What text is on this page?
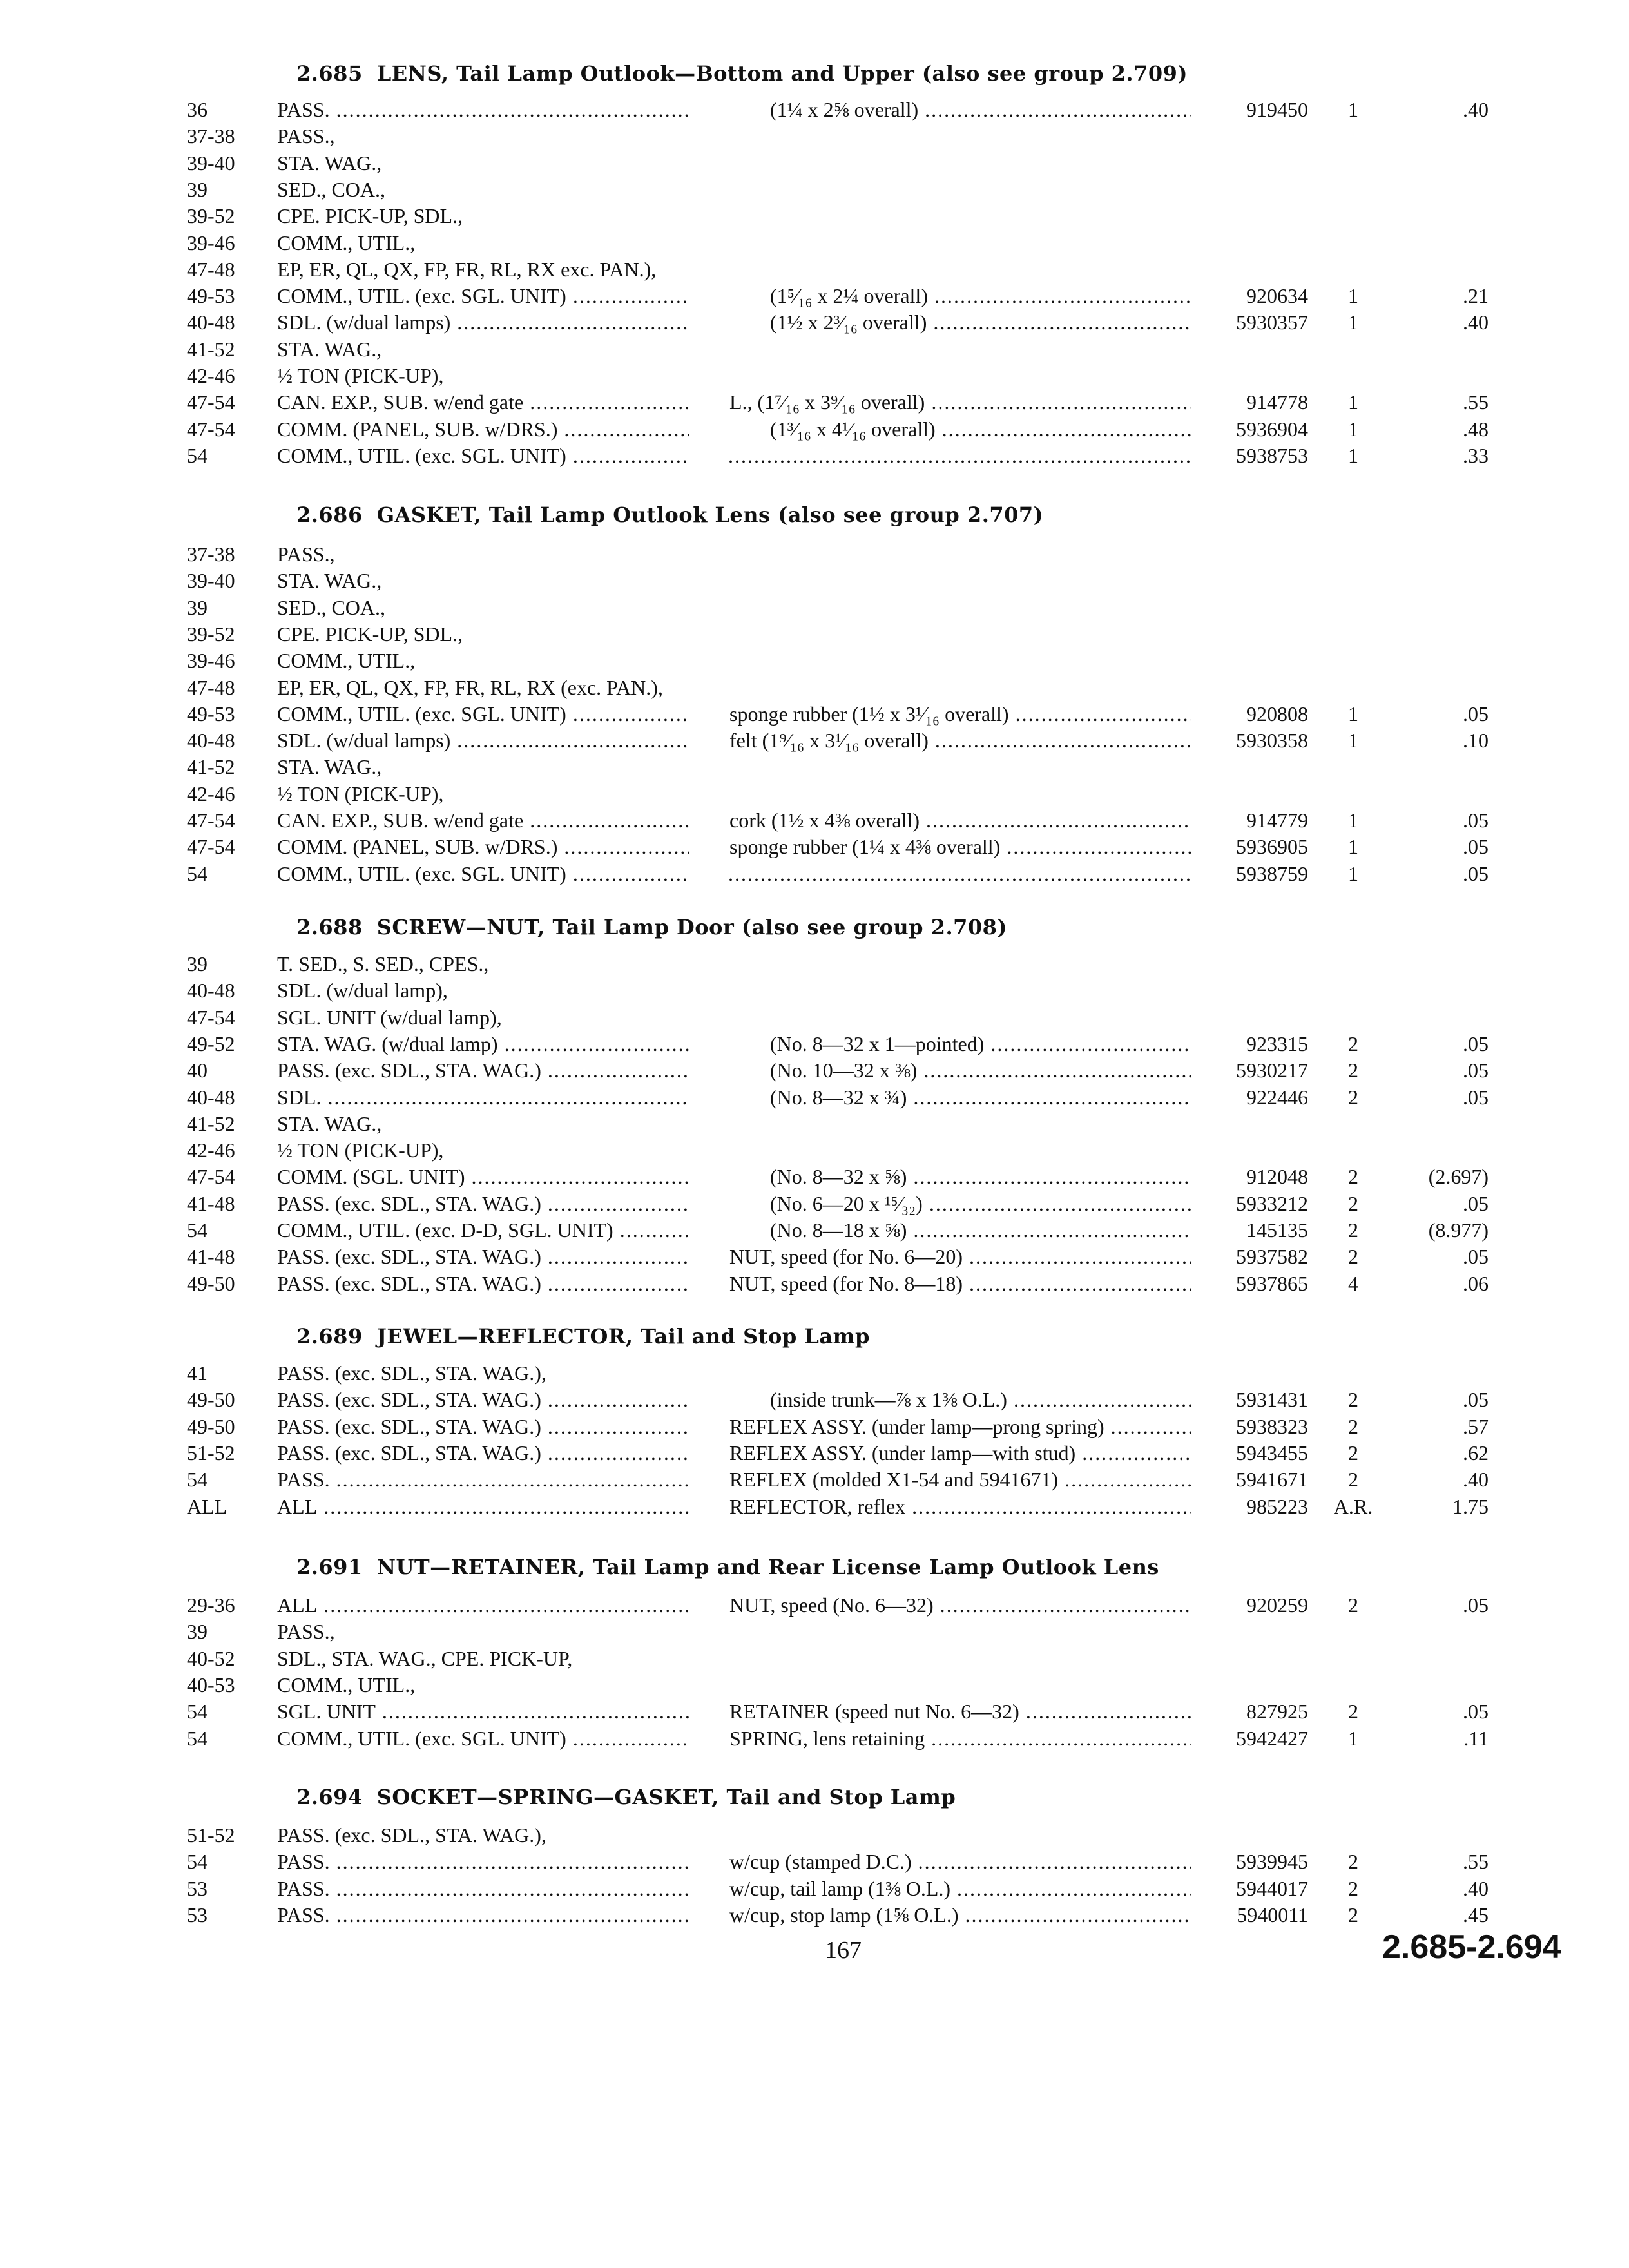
2.685 LENS, Tail Lamp Outlook—Bottom and Upper (also see group 2.709)
36	PASS. .....	(1¼ x 2⅝ overall) .....	919450	1	.40
37-38	PASS.,
39-40	STA. WAG.,
39	SED., COA.,
39-52	CPE. PICK-UP, SDL.,
39-46	COMM., UTIL.,
47-48	EP, ER, QL, QX, FP, FR, RL, RX exc. PAN.),
49-53	COMM., UTIL. (exc. SGL. UNIT) .....	(1⁵⁄₁₆ x 2¼ overall) .....	920634	1	.21
40-48	SDL. (w/dual lamps) .....	(1½ x 2³⁄₁₆ overall) .....	5930357	1	.40
41-52	STA. WAG.,
42-46	½ TON (PICK-UP),
47-54	CAN. EXP., SUB. w/end gate .....	L., (1⁷⁄₁₆ x 3⁹⁄₁₆ overall) .....	914778	1	.55
47-54	COMM. (PANEL, SUB. w/DRS.) .....	(1³⁄₁₆ x 4¹⁄₁₆ overall) .....	5936904	1	.48
54	COMM., UTIL. (exc. SGL. UNIT) ..... .....	5938753	1	.33
2.686 GASKET, Tail Lamp Outlook Lens (also see group 2.707)
37-38	PASS.,
39-40	STA. WAG.,
39	SED., COA.,
39-52	CPE. PICK-UP, SDL.,
39-46	COMM., UTIL.,
47-48	EP, ER, QL, QX, FP, FR, RL, RX (exc. PAN.),
49-53	COMM., UTIL. (exc. SGL. UNIT) .....	sponge rubber (1½ x 3¹⁄₁₆ overall) .....	920808	1	.05
40-48	SDL. (w/dual lamps) .....	felt (1⁹⁄₁₆ x 3¹⁄₁₆ overall) .....	5930358	1	.10
41-52	STA. WAG.,
42-46	½ TON (PICK-UP),
47-54	CAN. EXP., SUB. w/end gate .....	cork (1½ x 4⅜ overall) .....	914779	1	.05
47-54	COMM. (PANEL, SUB. w/DRS.) .....	sponge rubber (1¼ x 4⅜ overall) .....	5936905	1	.05
54	COMM., UTIL. (exc. SGL. UNIT) ..... .....	5938759	1	.05
2.688 SCREW—NUT, Tail Lamp Door (also see group 2.708)
39	T. SED., S. SED., CPES.,
40-48	SDL. (w/dual lamp),
47-54	SGL. UNIT (w/dual lamp),
49-52	STA. WAG. (w/dual lamp) .....	(No. 8—32 x 1—pointed) .....	923315	2	.05
40	PASS. (exc. SDL., STA. WAG.) .....	(No. 10—32 x ⅜) .....	5930217	2	.05
40-48	SDL. .....	(No. 8—32 x ¾) .....	922446	2	.05
41-52	STA. WAG.,
42-46	½ TON (PICK-UP),
47-54	COMM. (SGL. UNIT) .....	(No. 8—32 x ⅝) .....	912048	2	(2.697)
41-48	PASS. (exc. SDL., STA. WAG.) .....	(No. 6—20 x ¹⁵⁄₃₂) .....	5933212	2	.05
54	COMM., UTIL. (exc. D-D, SGL. UNIT) .....	(No. 8—18 x ⅝) .....	145135	2	(8.977)
41-48	PASS. (exc. SDL., STA. WAG.) .....	NUT, speed (for No. 6—20) .....	5937582	2	.05
49-50	PASS. (exc. SDL., STA. WAG.) .....	NUT, speed (for No. 8—18) .....	5937865	4	.06
2.689 JEWEL—REFLECTOR, Tail and Stop Lamp
41	PASS. (exc. SDL., STA. WAG.),
49-50	PASS. (exc. SDL., STA. WAG.) .....	(inside trunk—⅞ x 1⅜ O.L.) .....	5931431	2	.05
49-50	PASS. (exc. SDL., STA. WAG.) .....	REFLEX ASSY. (under lamp—prong spring) .....	5938323	2	.57
51-52	PASS. (exc. SDL., STA. WAG.) .....	REFLEX ASSY. (under lamp—with stud) .....	5943455	2	.62
54	PASS. .....	REFLEX (molded X1-54 and 5941671) .....	5941671	2	.40
ALL	ALL .....	REFLECTOR, reflex .....	985223	A.R.	1.75
2.691 NUT—RETAINER, Tail Lamp and Rear License Lamp Outlook Lens
29-36	ALL .....	NUT, speed (No. 6—32) .....	920259	2	.05
39	PASS.,
40-52	SDL., STA. WAG., CPE. PICK-UP,
40-53	COMM., UTIL.,
54	SGL. UNIT .....	RETAINER (speed nut No. 6—32) .....	827925	2	.05
54	COMM., UTIL. (exc. SGL. UNIT) .....	SPRING, lens retaining .....	5942427	1	.11
2.694 SOCKET—SPRING—GASKET, Tail and Stop Lamp
51-52	PASS. (exc. SDL., STA. WAG.),
54	PASS. .....	w/cup (stamped D.C.) .....	5939945	2	.55
53	PASS. .....	w/cup, tail lamp (1⅜ O.L.) .....	5944017	2	.40
53	PASS. .....	w/cup, stop lamp (1⅝ O.L.) .....	5940011	2	.45
167	2.685-2.694
